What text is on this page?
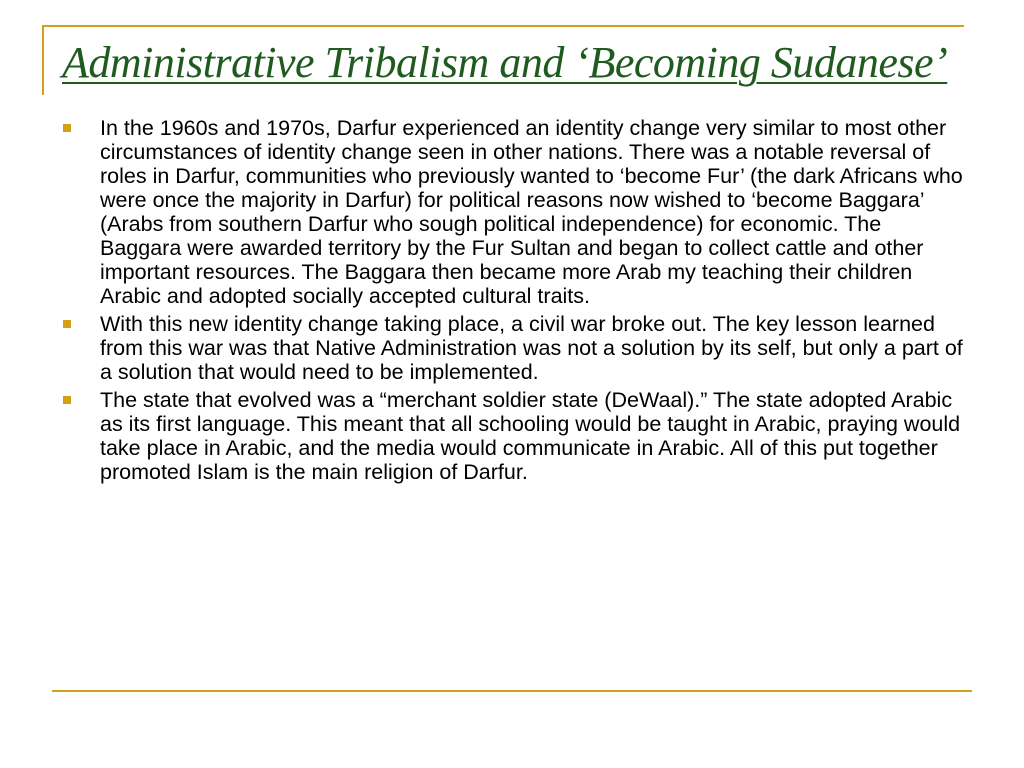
Administrative Tribalism and ‘Becoming Sudanese’
In the 1960s and 1970s, Darfur experienced an identity change very similar to most other circumstances of identity change seen in other nations. There was a notable reversal of roles in Darfur, communities who previously wanted to ‘become Fur’ (the dark Africans who were once the majority in Darfur) for political reasons now wished to ‘become Baggara’ (Arabs from southern Darfur who sough political independence) for economic. The Baggara were awarded territory by the Fur Sultan and began to collect cattle and other important resources. The Baggara then became more Arab my teaching their children Arabic and adopted socially accepted cultural traits.
With this new identity change taking place, a civil war broke out. The key lesson learned from this war was that Native Administration was not a solution by its self, but only a part of a solution that would need to be implemented.
The state that evolved was a “merchant soldier state (DeWaal).” The state adopted Arabic as its first language. This meant that all schooling would be taught in Arabic, praying would take place in Arabic, and the media would communicate in Arabic. All of this put together promoted Islam is the main religion of Darfur.
